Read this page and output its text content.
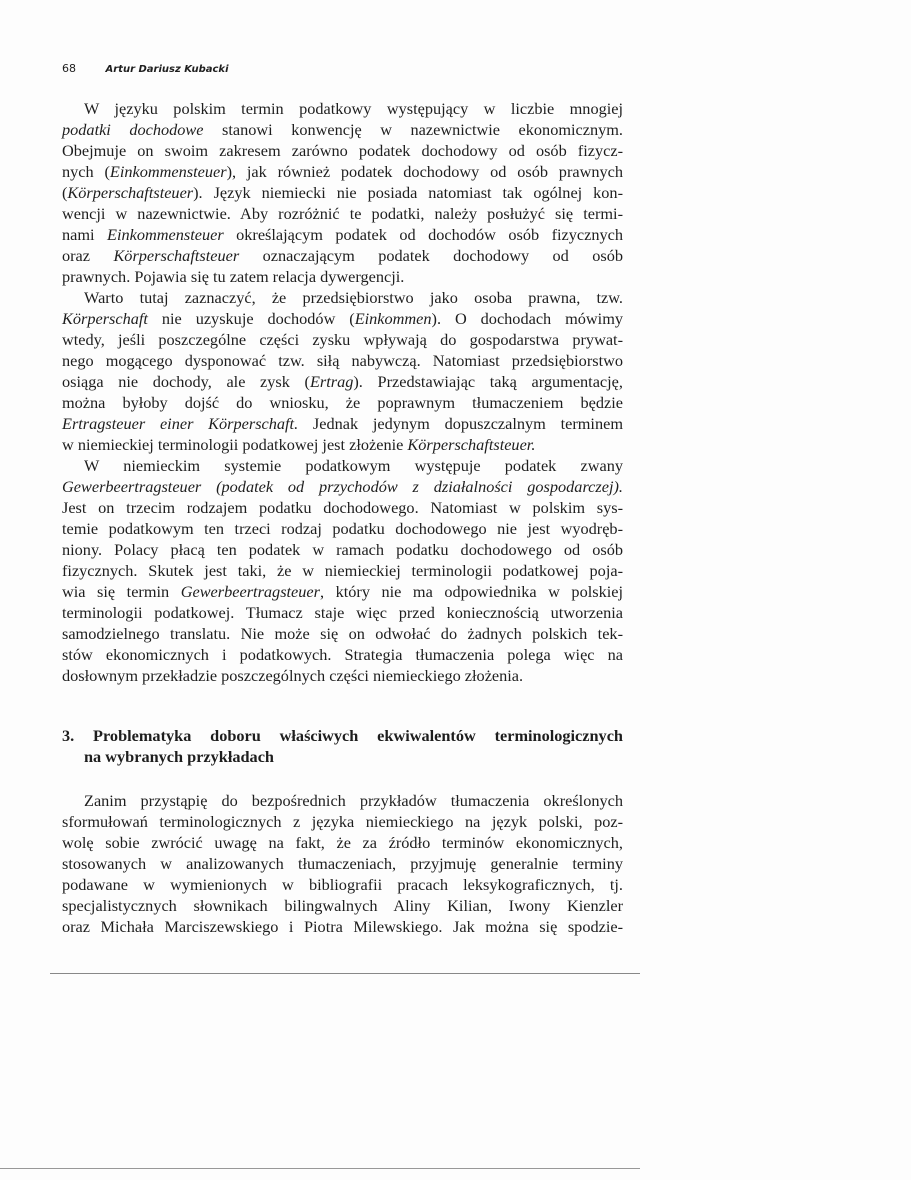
68	Artur Dariusz Kubacki
W języku polskim termin podatkowy występujący w liczbie mnogiej
podatki dochodowe stanowi konwencję w nazewnictwie ekonomicznym.
Obejmuje on swoim zakresem zarówno podatek dochodowy od osób fizycz-
nych (Einkommensteuer), jak również podatek dochodowy od osób prawnych
(Körperschaftsteuer). Język niemiecki nie posiada natomiast tak ogólnej kon-
wencji w nazewnictwie. Aby rozróżnić te podatki, należy posłużyć się termi-
nami Einkommensteuer określającym podatek od dochodów osób fizycznych
oraz Körperschaftsteuer oznaczającym podatek dochodowy od osób
prawnych. Pojawia się tu zatem relacja dywergencji.
Warto tutaj zaznaczyć, że przedsiębiorstwo jako osoba prawna, tzw.
Körperschaft nie uzyskuje dochodów (Einkommen). O dochodach mówimy
wtedy, jeśli poszczególne części zysku wpływają do gospodarstwa prywat-
nego mogącego dysponować tzw. siłą nabywczą. Natomiast przedsiębiorstwo
osiąga nie dochody, ale zysk (Ertrag). Przedstawiając taką argumentację,
można byłoby dojść do wniosku, że poprawnym tłumaczeniem będzie
Ertragsteuer einer Körperschaft. Jednak jedynym dopuszczalnym terminem
w niemieckiej terminologii podatkowej jest złożenie Körperschaftsteuer.
W niemieckim systemie podatkowym występuje podatek zwany
Gewerbeertragsteuer (podatek od przychodów z działalności gospodarczej).
Jest on trzecim rodzajem podatku dochodowego. Natomiast w polskim sys-
temie podatkowym ten trzeci rodzaj podatku dochodowego nie jest wyodręb-
niony. Polacy płacą ten podatek w ramach podatku dochodowego od osób
fizycznych. Skutek jest taki, że w niemieckiej terminologii podatkowej poja-
wia się termin Gewerbeertragsteuer, który nie ma odpowiednika w polskiej
terminologii podatkowej. Tłumacz staje więc przed koniecznością utworzenia
samodzielnego translatu. Nie może się on odwołać do żadnych polskich tek-
stów ekonomicznych i podatkowych. Strategia tłumaczenia polega więc na
dosłownym przekładzie poszczególnych części niemieckiego złożenia.
3. Problematyka doboru właściwych ekwiwalentów terminologicznych
na wybranych przykładach
Zanim przystąpię do bezpośrednich przykładów tłumaczenia określonych
sformułowań terminologicznych z języka niemieckiego na język polski, poz-
wolę sobie zwrócić uwagę na fakt, że za źródło terminów ekonomicznych,
stosowanych w analizowanych tłumaczeniach, przyjmuję generalnie terminy
podawane w wymienionych w bibliografii pracach leksykograficznych, tj.
specjalistycznych słownikach bilingwalnych Aliny Kilian, Iwony Kienzler
oraz Michała Marciszewskiego i Piotra Milewskiego. Jak można się spodzie-
